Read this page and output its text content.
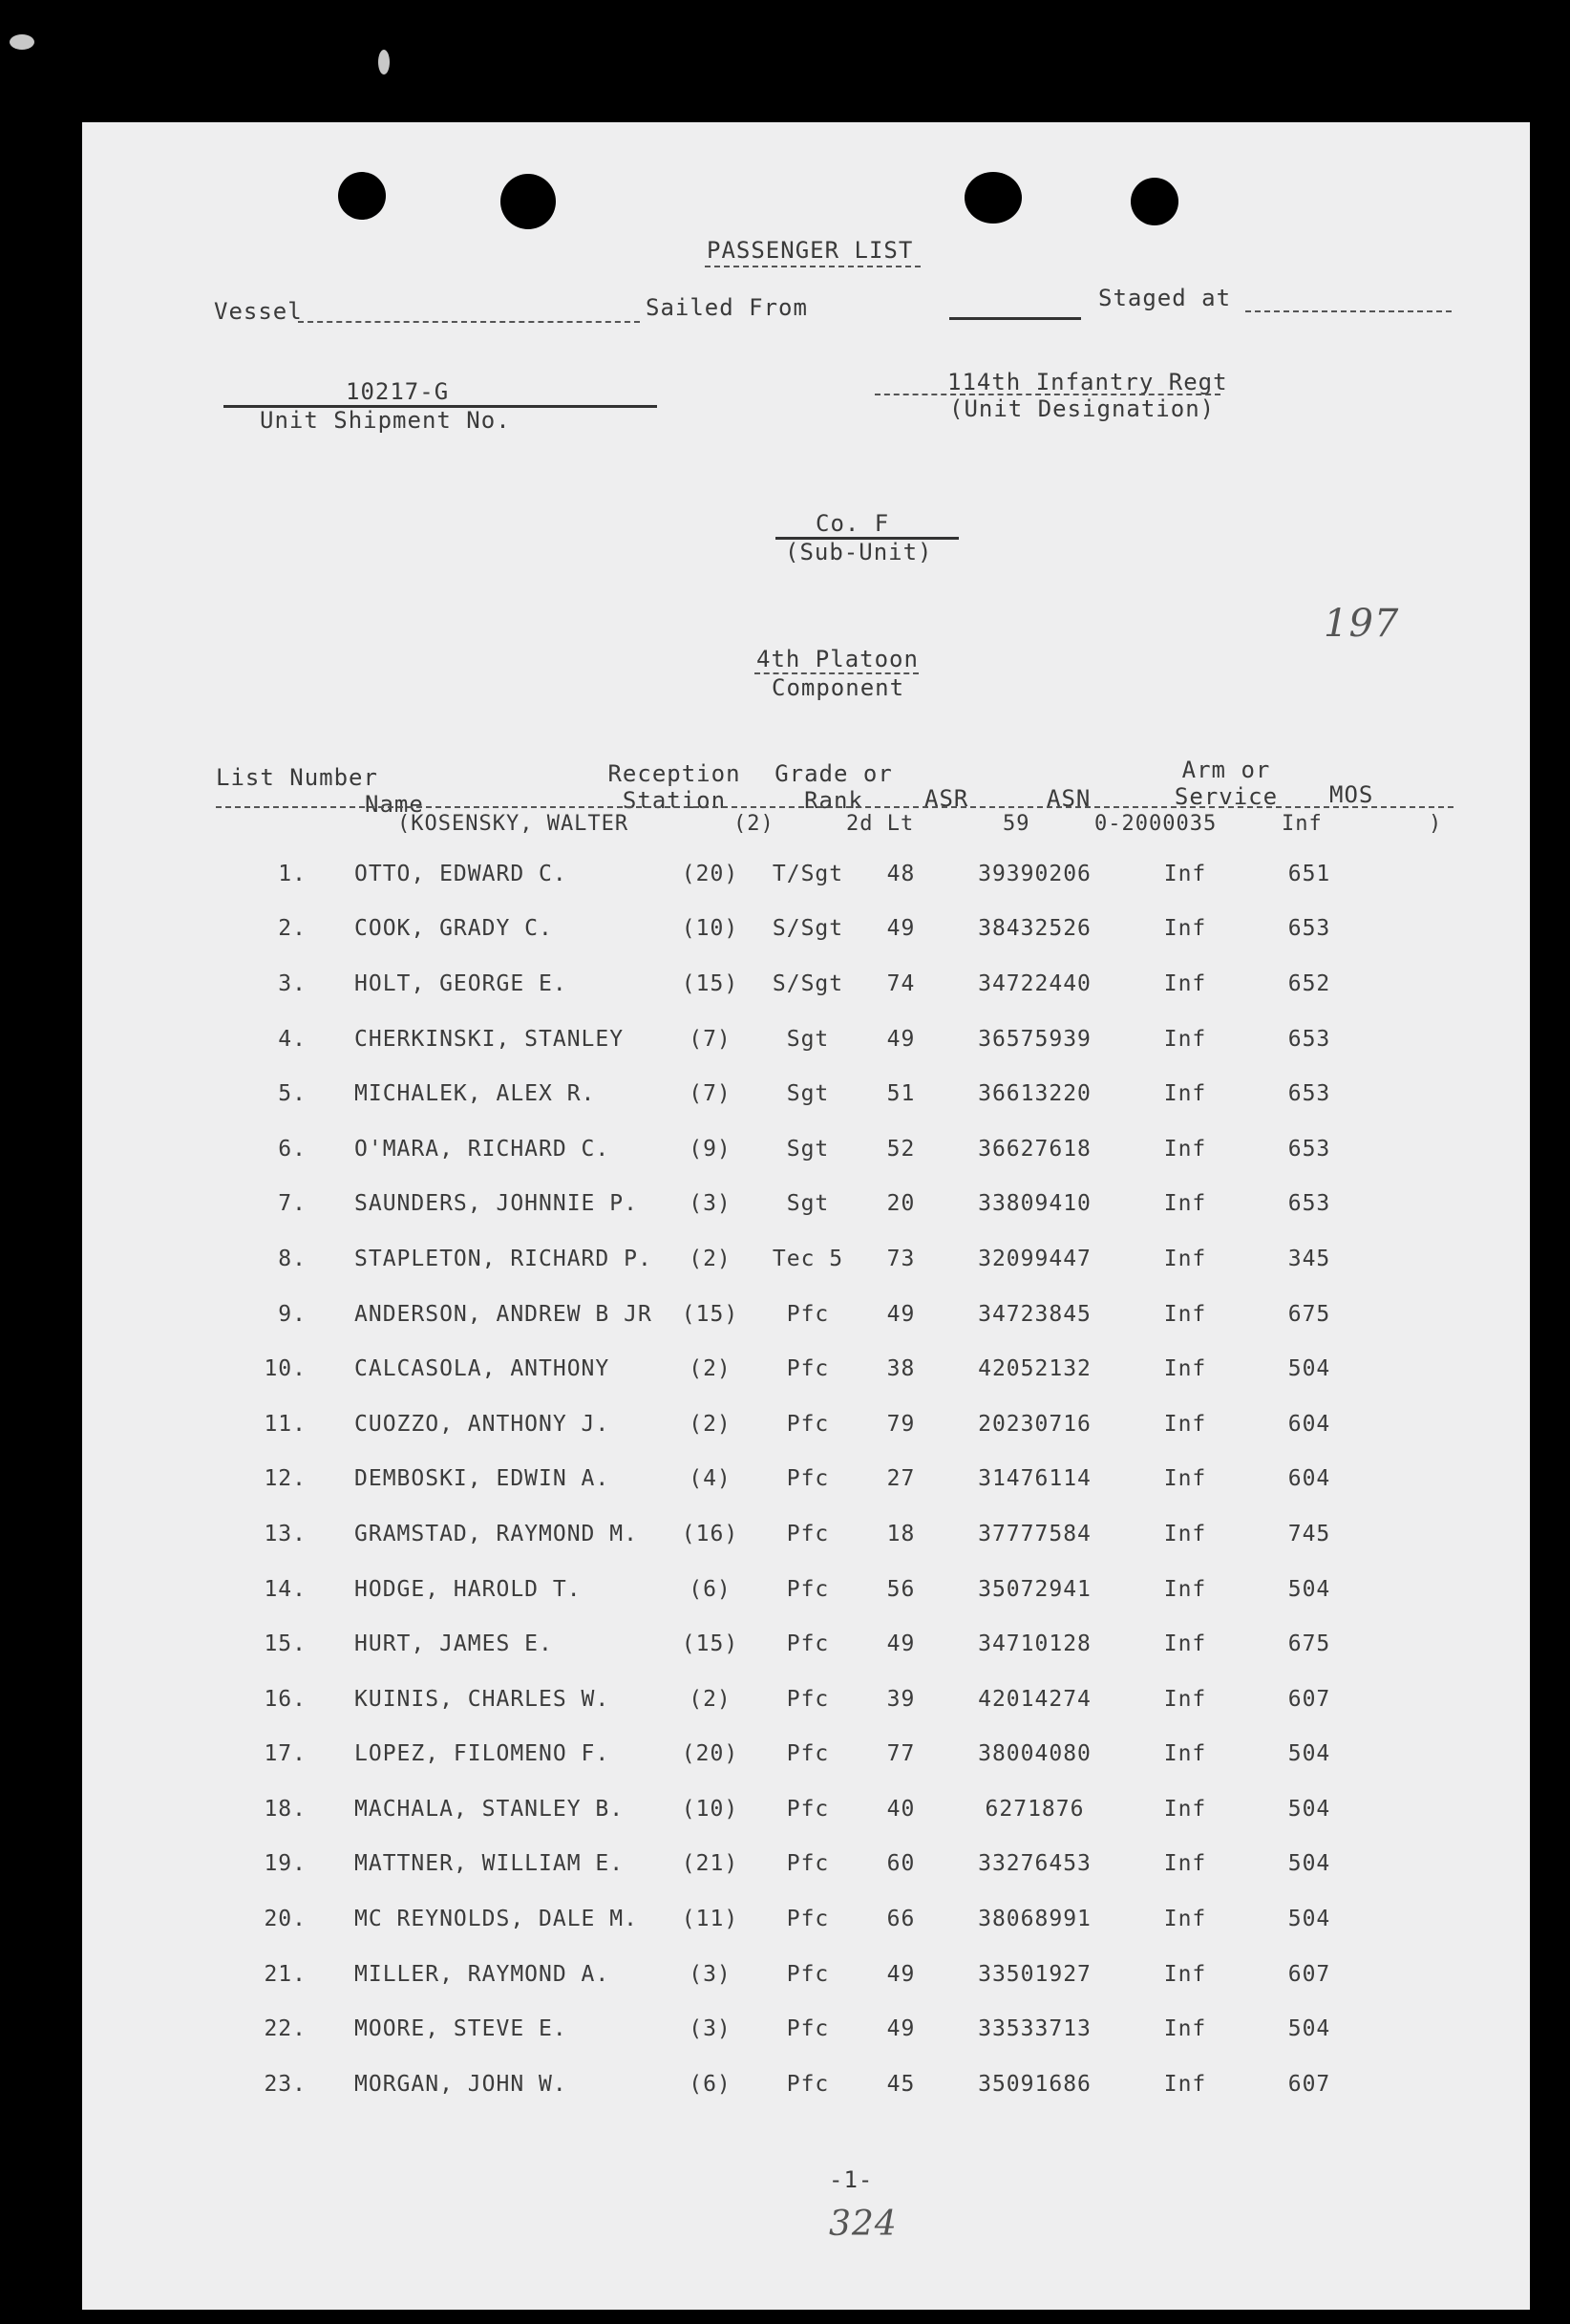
PASSENGER LIST
Vessel	Sailed From	Staged at
10217-G
Unit Shipment No.
114th Infantry Regt
(Unit Designation)
Co. F
(Sub-Unit)
197
4th Platoon
Component
List Number
Name
Reception Station
Grade or Rank	ASR	ASN
Arm or Service	MOS
(KOSENSKY, WALTER	(2)	2d Lt	59	0-2000035	Inf	)
1.	OTTO, EDWARD C.	(20)	T/Sgt	48	39390206	Inf	651
2.	COOK, GRADY C.	(10)	S/Sgt	49	38432526	Inf	653
3.	HOLT, GEORGE E.	(15)	S/Sgt	74	34722440	Inf	652
4.	CHERKINSKI, STANLEY	(7)	Sgt	49	36575939	Inf	653
5.	MICHALEK, ALEX R.	(7)	Sgt	51	36613220	Inf	653
6.	O'MARA, RICHARD C.	(9)	Sgt	52	36627618	Inf	653
7.	SAUNDERS, JOHNNIE P.	(3)	Sgt	20	33809410	Inf	653
8.	STAPLETON, RICHARD P.	(2)	Tec 5	73	32099447	Inf	345
9.	ANDERSON, ANDREW B JR	(15)	Pfc	49	34723845	Inf	675
10.	CALCASOLA, ANTHONY	(2)	Pfc	38	42052132	Inf	504
11.	CUOZZO, ANTHONY J.	(2)	Pfc	79	20230716	Inf	604
12.	DEMBOSKI, EDWIN A.	(4)	Pfc	27	31476114	Inf	604
13.	GRAMSTAD, RAYMOND M.	(16)	Pfc	18	37777584	Inf	745
14.	HODGE, HAROLD T.	(6)	Pfc	56	35072941	Inf	504
15.	HURT, JAMES E.	(15)	Pfc	49	34710128	Inf	675
16.	KUINIS, CHARLES W.	(2)	Pfc	39	42014274	Inf	607
17.	LOPEZ, FILOMENO F.	(20)	Pfc	77	38004080	Inf	504
18.	MACHALA, STANLEY B.	(10)	Pfc	40	6271876	Inf	504
19.	MATTNER, WILLIAM E.	(21)	Pfc	60	33276453	Inf	504
20.	MC REYNOLDS, DALE M.	(11)	Pfc	66	38068991	Inf	504
21.	MILLER, RAYMOND A.	(3)	Pfc	49	33501927	Inf	607
22.	MOORE, STEVE E.	(3)	Pfc	49	33533713	Inf	504
23.	MORGAN, JOHN W.	(6)	Pfc	45	35091686	Inf	607
-1-
324
